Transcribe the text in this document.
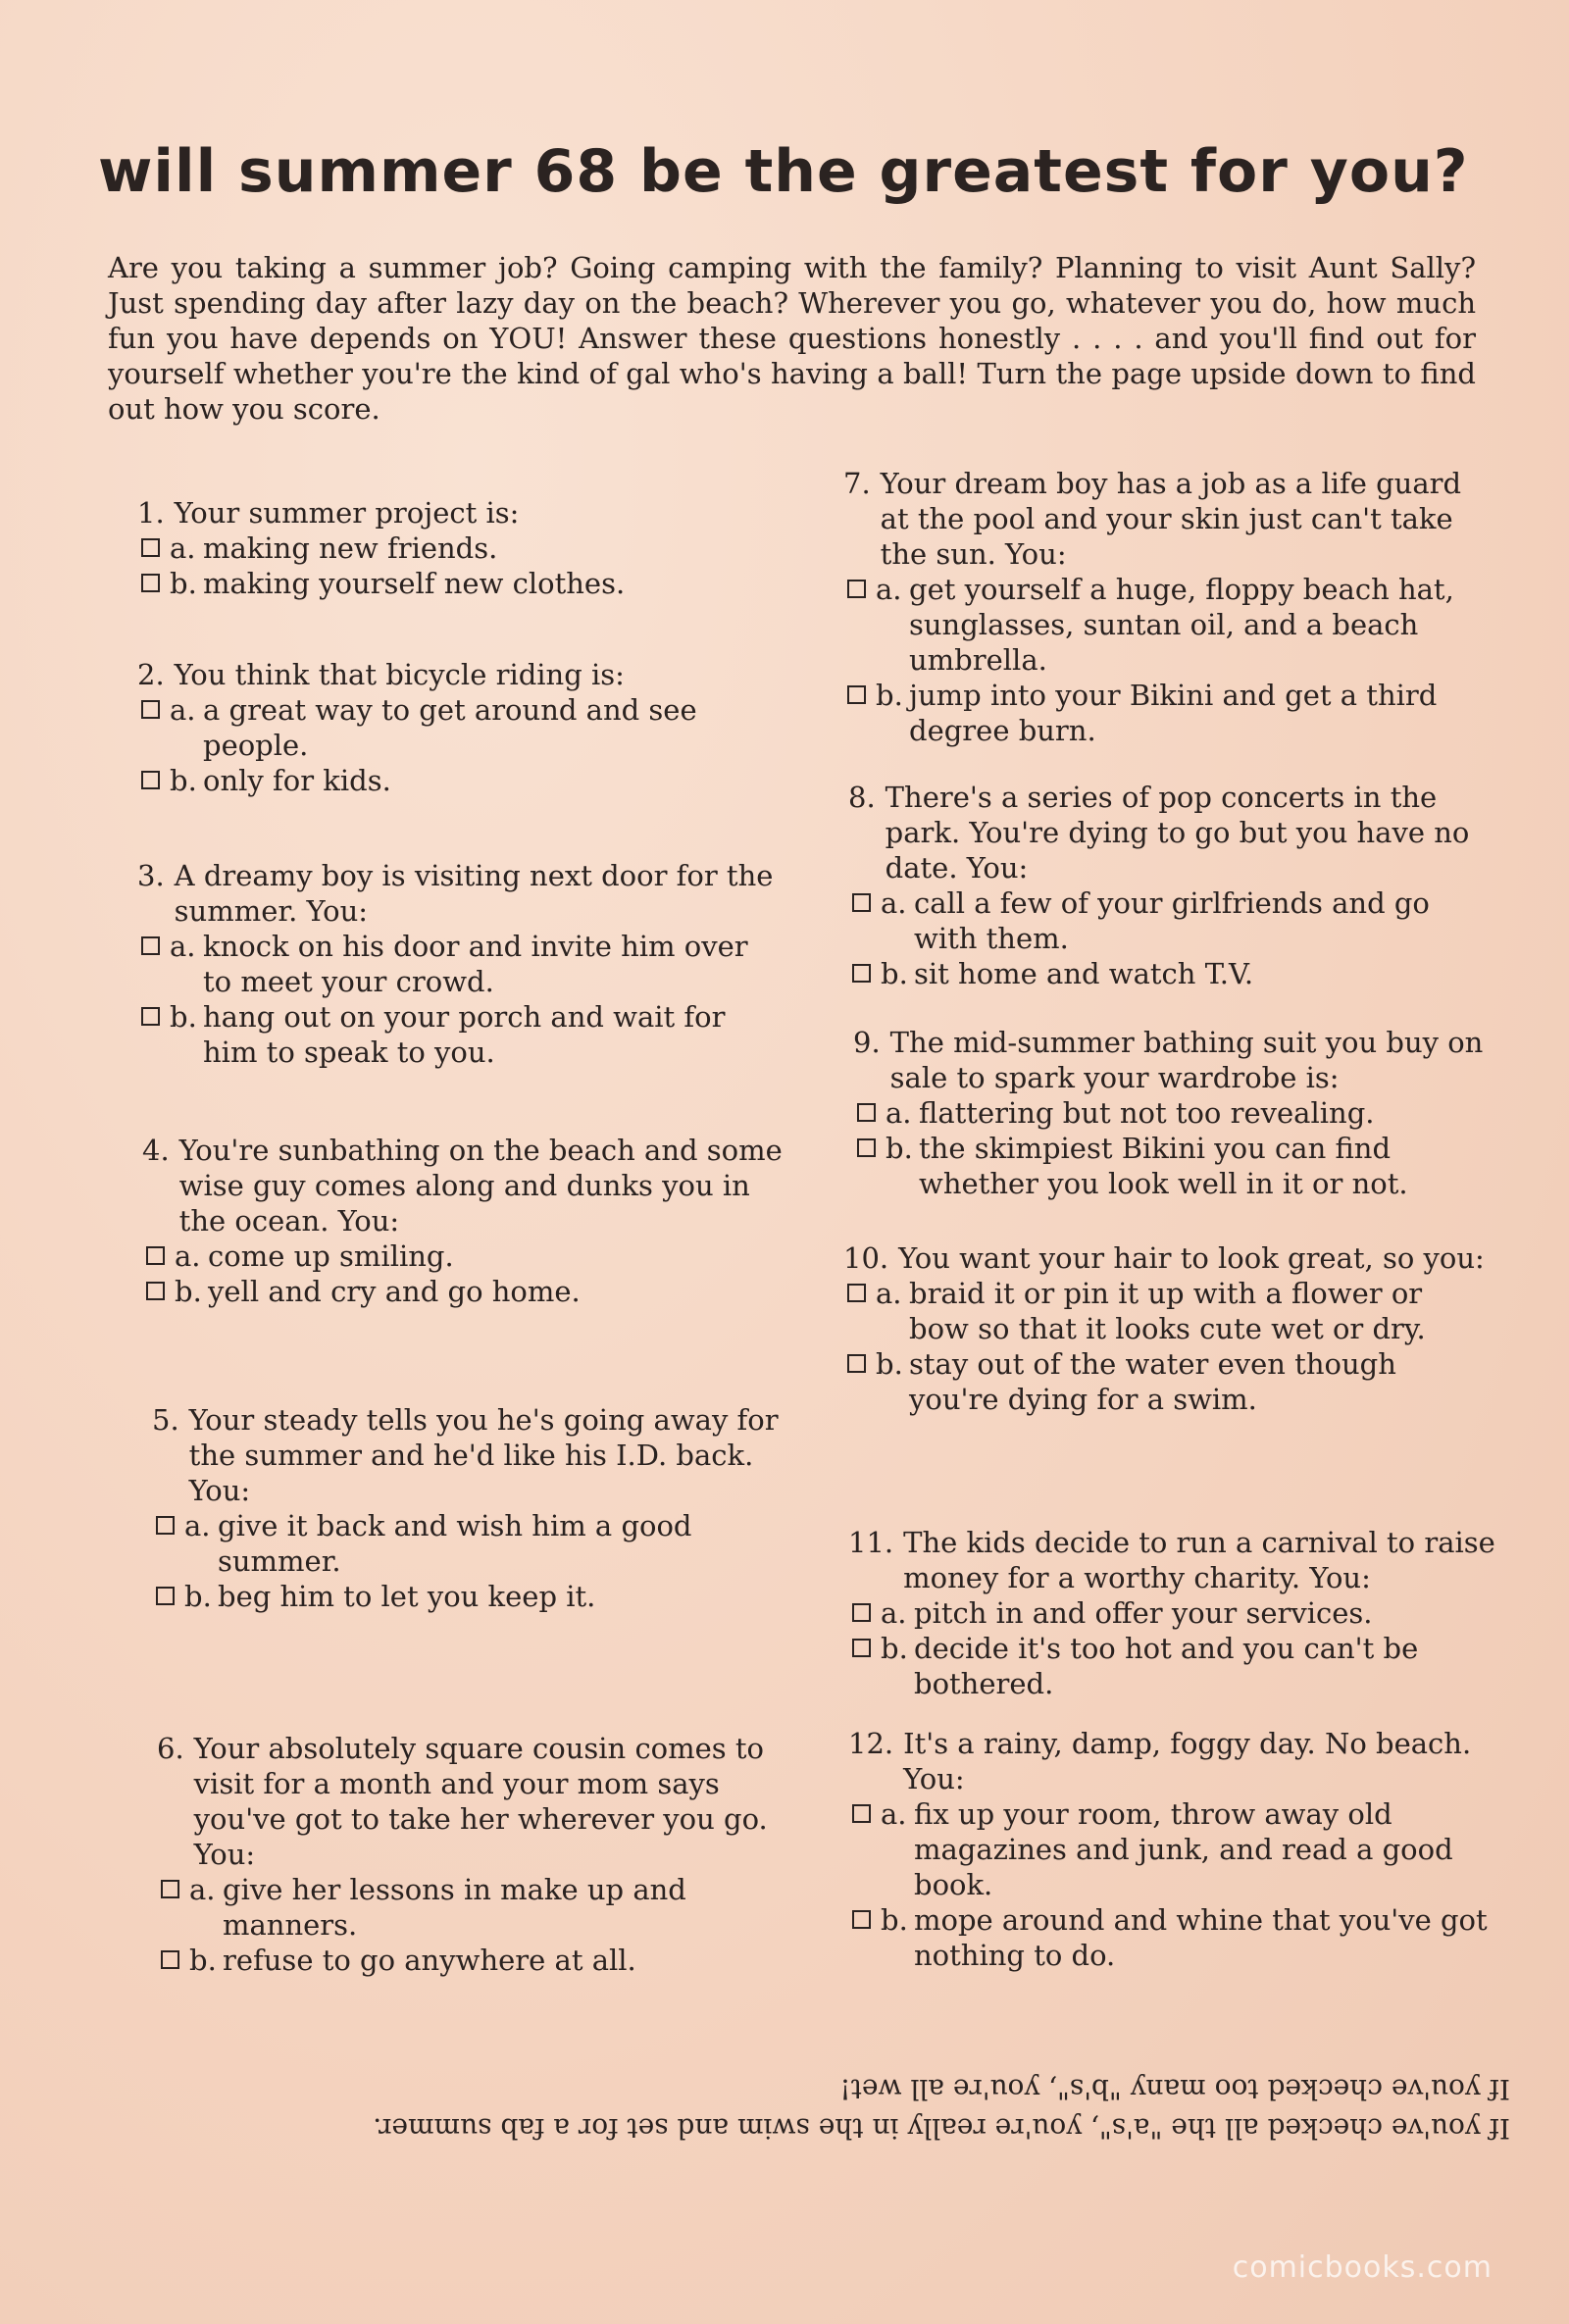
will summer 68 be the greatest for you?
Are you taking a summer job? Going camping with the family? Planning to visit Aunt Sally? Just spending day after lazy day on the beach? Wherever you go, whatever you do, how much fun you have depends on YOU! Answer these questions honestly . . . . and you'll find out for yourself whether you're the kind of gal who's having a ball! Turn the page upside down to find out how you score.
1. Your summer project is:
a. making new friends.
b. making yourself new clothes.
2. You think that bicycle riding is:
a. a great way to get around and see people.
b. only for kids.
3. A dreamy boy is visiting next door for the summer. You:
a. knock on his door and invite him over to meet your crowd.
b. hang out on your porch and wait for him to speak to you.
4. You're sunbathing on the beach and some wise guy comes along and dunks you in the ocean. You:
a. come up smiling.
b. yell and cry and go home.
5. Your steady tells you he's going away for the summer and he'd like his I.D. back. You:
a. give it back and wish him a good summer.
b. beg him to let you keep it.
6. Your absolutely square cousin comes to visit for a month and your mom says you've got to take her wherever you go. You:
a. give her lessons in make up and manners.
b. refuse to go anywhere at all.
7. Your dream boy has a job as a life guard at the pool and your skin just can't take the sun. You:
a. get yourself a huge, floppy beach hat, sunglasses, suntan oil, and a beach umbrella.
b. jump into your Bikini and get a third degree burn.
8. There's a series of pop concerts in the park. You're dying to go but you have no date. You:
a. call a few of your girlfriends and go with them.
b. sit home and watch T.V.
9. The mid-summer bathing suit you buy on sale to spark your wardrobe is:
a. flattering but not too revealing.
b. the skimpiest Bikini you can find whether you look well in it or not.
10. You want your hair to look great, so you:
a. braid it or pin it up with a flower or bow so that it looks cute wet or dry.
b. stay out of the water even though you're dying for a swim.
11. The kids decide to run a carnival to raise money for a worthy charity. You:
a. pitch in and offer your services.
b. decide it's too hot and you can't be bothered.
12. It's a rainy, damp, foggy day. No beach. You:
a. fix up your room, throw away old magazines and junk, and read a good book.
b. mope around and whine that you've got nothing to do.
If you've checked all the "a's", you're really in the swim and set for a fab summer.
If you've checked too many "b's", you're all wet!
comicbooks.com
